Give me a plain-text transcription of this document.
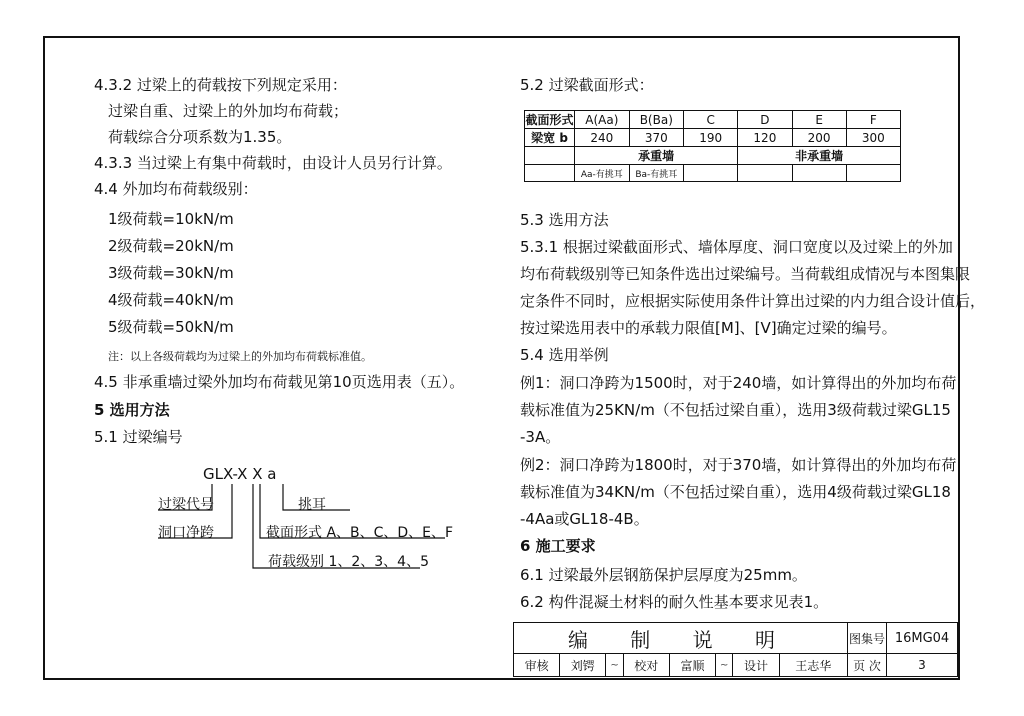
4.3.2 过梁上的荷载按下列规定采用：
过梁自重、过梁上的外加均布荷载；
荷载综合分项系数为1.35。
4.3.3 当过梁上有集中荷载时，由设计人员另行计算。
4.4 外加均布荷载级别：
1级荷载=10kN/m
2级荷载=20kN/m
3级荷载=30kN/m
4级荷载=40kN/m
5级荷载=50kN/m
注：以上各级荷载均为过梁上的外加均布荷载标准值。
4.5 非承重墙过梁外加均布荷载见第10页选用表（五）。
5 选用方法
5.1 过梁编号
GLX-X X a
过梁代号
洞口净跨
挑耳
截面形式 A、B、C、D、E、F
荷载级别 1、2、3、4、5
5.2 过梁截面形式：
截面形式	A(Aa)	B(Ba)	C	D	E	F
梁宽 b	240	370	190	120	200	300
	承重墙			非承重墙		
	Aa-有挑耳	Ba-有挑耳				
5.3 选用方法
5.3.1 根据过梁截面形式、墙体厚度、洞口宽度以及过梁上的外加
均布荷载级别等已知条件选出过梁编号。当荷载组成情况与本图集限
定条件不同时，应根据实际使用条件计算出过梁的内力组合设计值后，
按过梁选用表中的承载力限值[M]、[V]确定过梁的编号。
5.4 选用举例
例1：洞口净跨为1500时，对于240墙，如计算得出的外加均布荷
载标准值为25KN/m（不包括过梁自重），选用3级荷载过梁GL15
-3A。
例2：洞口净跨为1800时，对于370墙，如计算得出的外加均布荷
载标准值为34KN/m（不包括过梁自重），选用4级荷载过梁GL18
-4Aa或GL18-4B。
6 施工要求
6.1 过梁最外层钢筋保护层厚度为25mm。
6.2 构件混凝土材料的耐久性基本要求见表1。
编 制 说 明								图集号	16MG04
审核	刘锷	~	校对	富顺	~	设计	王志华	页 次	3
